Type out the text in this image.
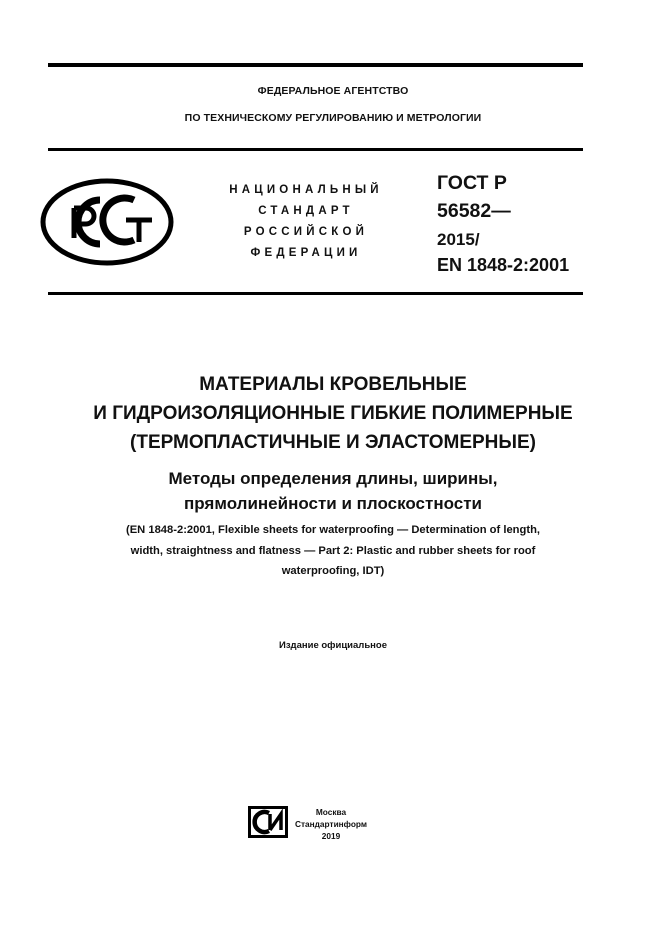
ФЕДЕРАЛЬНОЕ АГЕНТСТВО
ПО ТЕХНИЧЕСКОМУ РЕГУЛИРОВАНИЮ И МЕТРОЛОГИИ
НАЦИОНАЛЬНЫЙ
СТАНДАРТ
РОССИЙСКОЙ
ФЕДЕРАЦИИ
ГОСТ Р
56582—
2015/
EN 1848-2:2001
МАТЕРИАЛЫ КРОВЕЛЬНЫЕ
И ГИДРОИЗОЛЯЦИОННЫЕ ГИБКИЕ ПОЛИМЕРНЫЕ
(ТЕРМОПЛАСТИЧНЫЕ И ЭЛАСТОМЕРНЫЕ)
Методы определения длины, ширины,
прямолинейности и плоскостности
(EN 1848-2:2001, Flexible sheets for waterproofing — Determination of length,
width, straightness and flatness — Part 2: Plastic and rubber sheets for roof
waterproofing, IDT)
Издание официальное
Москва
Стандартинформ
2019
